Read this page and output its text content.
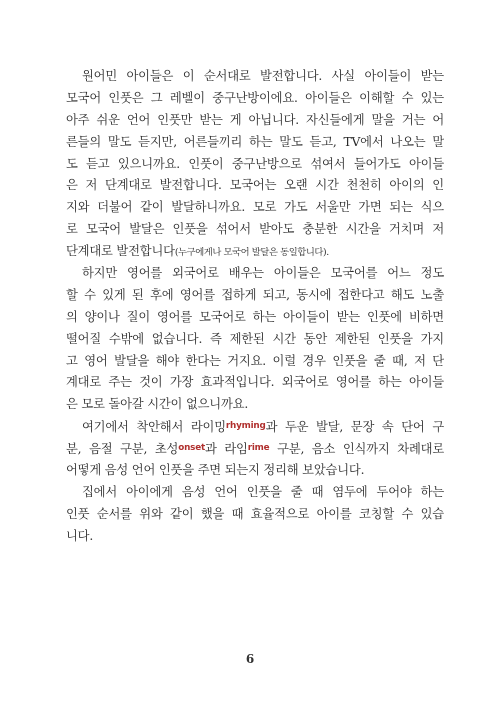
원어민 아이들은 이 순서대로 발전합니다. 사실 아이들이 받는
모국어 인풋은 그 레벨이 중구난방이에요. 아이들은 이해할 수 있는
아주 쉬운 언어 인풋만 받는 게 아닙니다. 자신들에게 말을 거는 어
른들의 말도 듣지만, 어른들끼리 하는 말도 듣고, TV에서 나오는 말
도 듣고 있으니까요. 인풋이 중구난방으로 섞여서 들어가도 아이들
은 저 단계대로 발전합니다. 모국어는 오랜 시간 천천히 아이의 인
지와 더불어 같이 발달하니까요. 모로 가도 서울만 가면 되는 식으
로 모국어 발달은 인풋을 섞어서 받아도 충분한 시간을 거치며 저
단계대로 발전합니다(누구에게나 모국어 발달은 동일합니다).
하지만 영어를 외국어로 배우는 아이들은 모국어를 어느 정도
할 수 있게 된 후에 영어를 접하게 되고, 동시에 접한다고 해도 노출
의 양이나 질이 영어를 모국어로 하는 아이들이 받는 인풋에 비하면
떨어질 수밖에 없습니다. 즉 제한된 시간 동안 제한된 인풋을 가지
고 영어 발달을 해야 한다는 거지요. 이럴 경우 인풋을 줄 때, 저 단
계대로 주는 것이 가장 효과적입니다. 외국어로 영어를 하는 아이들
은 모로 돌아갈 시간이 없으니까요.
여기에서 착안해서 라이밍$^{rhyming}$과 두운 발달, 문장 속 단어 구
분, 음절 구분, 초성$^{onset}$과 라임$^{rime}$ 구분, 음소 인식까지 차례대로
어떻게 음성 언어 인풋을 주면 되는지 정리해 보았습니다.
집에서 아이에게 음성 언어 인풋을 줄 때 염두에 두어야 하는
인풋 순서를 위와 같이 했을 때 효율적으로 아이를 코칭할 수 있습
니다.
6
